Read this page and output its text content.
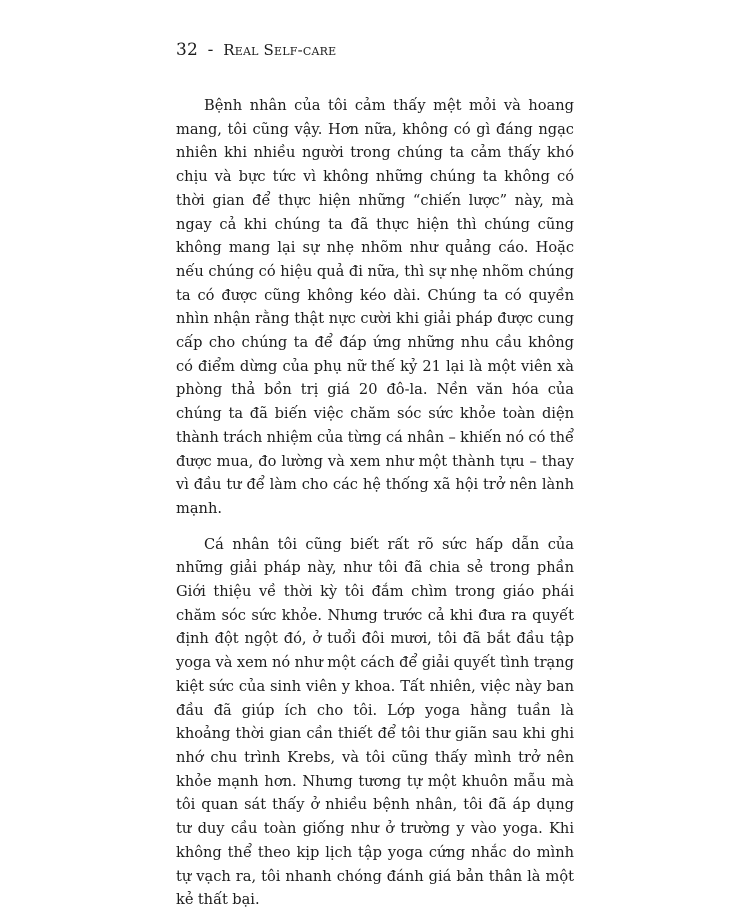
32 - Real Self-care

Bệnh nhân của tôi cảm thấy mệt mỏi và hoang mang, tôi cũng vậy. Hơn nữa, không có gì đáng ngạc nhiên khi nhiều người trong chúng ta cảm thấy khó chịu và bực tức vì không những chúng ta không có thời gian để thực hiện những “chiến lược” này, mà ngay cả khi chúng ta đã thực hiện thì chúng cũng không mang lại sự nhẹ nhõm như quảng cáo. Hoặc nếu chúng có hiệu quả đi nữa, thì sự nhẹ nhõm chúng ta có được cũng không kéo dài. Chúng ta có quyền nhìn nhận rằng thật nực cười khi giải pháp được cung cấp cho chúng ta để đáp ứng những nhu cầu không có điểm dừng của phụ nữ thế kỷ 21 lại là một viên xà phòng thả bồn trị giá 20 đô-la. Nền văn hóa của chúng ta đã biến việc chăm sóc sức khỏe toàn diện thành trách nhiệm của từng cá nhân – khiến nó có thể được mua, đo lường và xem như một thành tựu – thay vì đầu tư để làm cho các hệ thống xã hội trở nên lành mạnh.

Cá nhân tôi cũng biết rất rõ sức hấp dẫn của những giải pháp này, như tôi đã chia sẻ trong phần Giới thiệu về thời kỳ tôi đắm chìm trong giáo phái chăm sóc sức khỏe. Nhưng trước cả khi đưa ra quyết định đột ngột đó, ở tuổi đôi mươi, tôi đã bắt đầu tập yoga và xem nó như một cách để giải quyết tình trạng kiệt sức của sinh viên y khoa. Tất nhiên, việc này ban đầu đã giúp ích cho tôi. Lớp yoga hằng tuần là khoảng thời gian cần thiết để tôi thư giãn sau khi ghi nhớ chu trình Krebs, và tôi cũng thấy mình trở nên khỏe mạnh hơn. Nhưng tương tự một khuôn mẫu mà tôi quan sát thấy ở nhiều bệnh nhân, tôi đã áp dụng tư duy cầu toàn giống như ở trường y vào yoga. Khi không thể theo kịp lịch tập yoga cứng nhắc do mình tự vạch ra, tôi nhanh chóng đánh giá bản thân là một kẻ thất bại.
